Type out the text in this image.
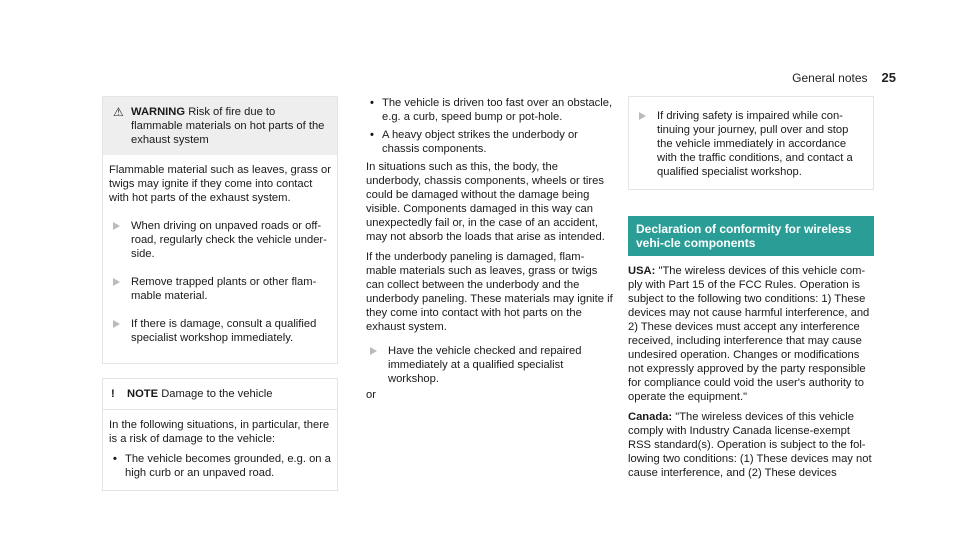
General notes 25
⚠ WARNING Risk of fire due to flammable materials on hot parts of the exhaust system

Flammable material such as leaves, grass or twigs may ignite if they come into contact with hot parts of the exhaust system.

When driving on unpaved roads or off-road, regularly check the vehicle under-side.
Remove trapped plants or other flam-mable material.
If there is damage, consult a qualified specialist workshop immediately.
! NOTE Damage to the vehicle

In the following situations, in particular, there is a risk of damage to the vehicle:

• The vehicle becomes grounded, e.g. on a high curb or an unpaved road.
• The vehicle is driven too fast over an obstacle, e.g. a curb, speed bump or pot-hole.
• A heavy object strikes the underbody or chassis components.

In situations such as this, the body, the underbody, chassis components, wheels or tires could be damaged without the damage being visible. Components damaged in this way can unexpectedly fail or, in the case of an accident, may not absorb the loads that arise as intended.

If the underbody paneling is damaged, flam-mable materials such as leaves, grass or twigs can collect between the underbody and the underbody paneling. These materials may ignite if they come into contact with hot parts on the exhaust system.

Have the vehicle checked and repaired immediately at a qualified specialist workshop.
or
If driving safety is impaired while con-tinuing your journey, pull over and stop the vehicle immediately in accordance with the traffic conditions, and contact a qualified specialist workshop.
Declaration of conformity for wireless vehi-cle components

USA: "The wireless devices of this vehicle com-ply with Part 15 of the FCC Rules. Operation is subject to the following two conditions: 1) These devices may not cause harmful interference, and 2) These devices must accept any interference received, including interference that may cause undesired operation. Changes or modifications not expressly approved by the party responsible for compliance could void the user's authority to operate the equipment."

Canada: "The wireless devices of this vehicle comply with Industry Canada license-exempt RSS standard(s). Operation is subject to the fol-lowing two conditions: (1) These devices may not cause interference, and (2) These devices
